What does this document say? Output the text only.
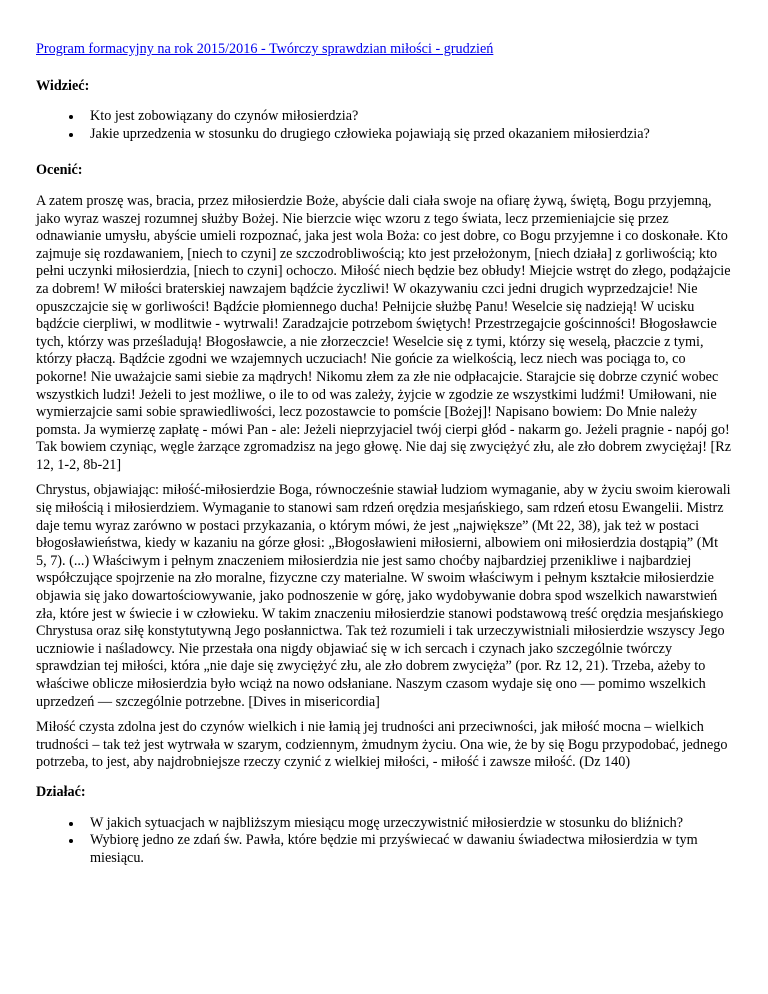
Program formacyjny na rok 2015/2016 - Twórczy sprawdzian miłości - grudzień
Widzieć:
Kto jest zobowiązany do czynów miłosierdzia?
Jakie uprzedzenia w stosunku do drugiego człowieka pojawiają się przed okazaniem miłosierdzia?
Ocenić:

A zatem proszę was, bracia, przez miłosierdzie Boże, abyście dali ciała swoje na ofiarę żywą, świętą, Bogu przyjemną, jako wyraz waszej rozumnej służby Bożej. Nie bierzcie więc wzoru z tego świata, lecz przemieniajcie się przez odnawianie umysłu, abyście umieli rozpoznać, jaka jest wola Boża: co jest dobre, co Bogu przyjemne i co doskonałe. Kto zajmuje się rozdawaniem, [niech to czyni] ze szczodrobliwością; kto jest przełożonym, [niech działa] z gorliwością; kto pełni uczynki miłosierdzia, [niech to czyni] ochoczo. Miłość niech będzie bez obłudy! Miejcie wstręt do złego, podążajcie za dobrem! W miłości braterskiej nawzajem bądźcie życzliwi! W okazywaniu czci jedni drugich wyprzedzajcie! Nie opuszczajcie się w gorliwości! Bądźcie płomiennego ducha! Pełnijcie służbę Panu! Weselcie się nadzieją! W ucisku bądźcie cierpliwi, w modlitwie - wytrwali! Zaradzajcie potrzebom świętych! Przestrzegajcie gościnności! Błogosławcie tych, którzy was prześladują! Błogosławcie, a nie złorzeczcie! Weselcie się z tymi, którzy się weselą, płaczcie z tymi, którzy płaczą. Bądźcie zgodni we wzajemnych uczuciach! Nie gońcie za wielkością, lecz niech was pociąga to, co pokorne! Nie uważajcie sami siebie za mądrych! Nikomu złem za złe nie odpłacajcie. Starajcie się dobrze czynić wobec wszystkich ludzi! Jeżeli to jest możliwe, o ile to od was zależy, żyjcie w zgodzie ze wszystkimi ludźmi! Umiłowani, nie wymierzajcie sami sobie sprawiedliwości, lecz pozostawcie to pomście [Bożej]! Napisano bowiem: Do Mnie należy pomsta. Ja wymierzę zapłatę - mówi Pan - ale: Jeżeli nieprzyjaciel twój cierpi głód - nakarm go. Jeżeli pragnie - napój go! Tak bowiem czyniąc, węgle żarzące zgromadzisz na jego głowę. Nie daj się zwyciężyć złu, ale zło dobrem zwyciężaj! [Rz 12, 1-2, 8b-21]

Chrystus, objawiając: miłość-miłosierdzie Boga, równocześnie stawiał ludziom wymaganie, aby w życiu swoim kierowali się miłością i miłosierdziem. Wymaganie to stanowi sam rdzeń orędzia mesjańskiego, sam rdzeń etosu Ewangelii. Mistrz daje temu wyraz zarówno w postaci przykazania, o którym mówi, że jest „największe” (Mt 22, 38), jak też w postaci błogosławieństwa, kiedy w kazaniu na górze głosi: „Błogosławieni miłosierni, albowiem oni miłosierdzia dostąpią” (Mt 5, 7). (...) Właściwym i pełnym znaczeniem miłosierdzia nie jest samo choćby najbardziej przenikliwe i najbardziej współczujące spojrzenie na zło moralne, fizyczne czy materialne. W swoim właściwym i pełnym kształcie miłosierdzie objawia się jako dowartościowywanie, jako podnoszenie w górę, jako wydobywanie dobra spod wszelkich nawarstwień zła, które jest w świecie i w człowieku. W takim znaczeniu miłosierdzie stanowi podstawową treść orędzia mesjańskiego Chrystusa oraz siłę konstytutywną Jego posłannictwa. Tak też rozumieli i tak urzeczywistniali miłosierdzie wszyscy Jego uczniowie i naśladowcy. Nie przestała ona nigdy objawiać się w ich sercach i czynach jako szczególnie twórczy sprawdzian tej miłości, która „nie daje się zwyciężyć złu, ale zło dobrem zwycięża” (por. Rz 12, 21). Trzeba, ażeby to właściwe oblicze miłosierdzia było wciąż na nowo odsłaniane. Naszym czasom wydaje się ono — pomimo wszelkich uprzedzeń — szczególnie potrzebne. [Dives in misericordia]

Miłość czysta zdolna jest do czynów wielkich i nie łamią jej trudności ani przeciwności, jak miłość mocna – wielkich trudności – tak też jest wytrwała w szarym, codziennym, żmudnym życiu. Ona wie, że by się Bogu przypodobać, jednego potrzeba, to jest, aby najdrobniejsze rzeczy czynić z wielkiej miłości, - miłość i zawsze miłość. (Dz 140)

Działać:
W jakich sytuacjach w najbliższym miesiącu mogę urzeczywistnić miłosierdzie w stosunku do bliźnich?
Wybiorę jedno ze zdań św. Pawła, które będzie mi przyświecać w dawaniu świadectwa miłosierdzia w tym miesiącu.
